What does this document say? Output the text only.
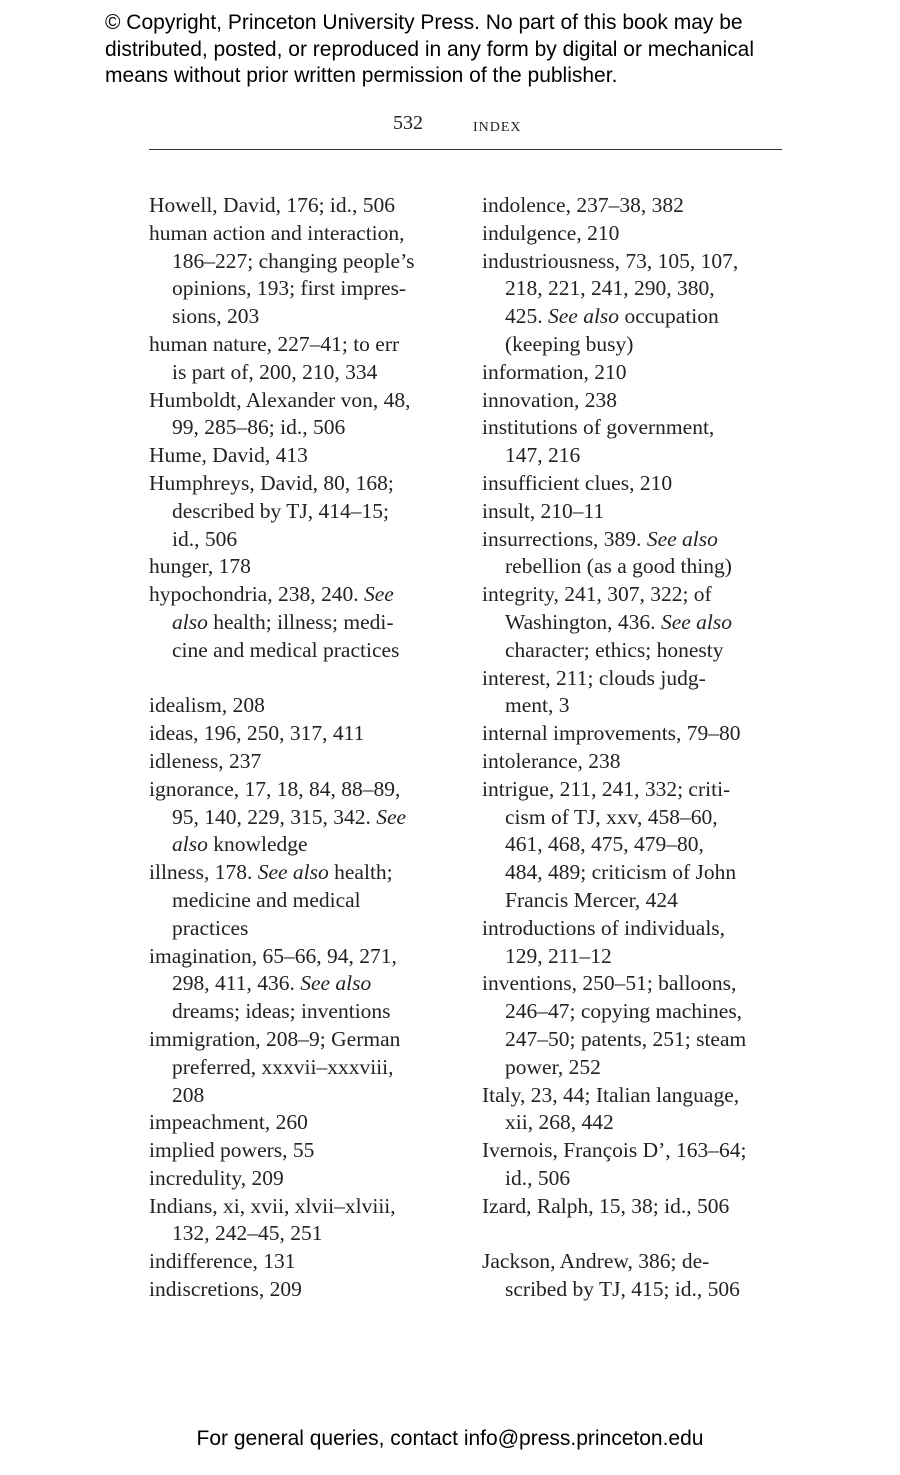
© Copyright, Princeton University Press. No part of this book may be
distributed, posted, or reproduced in any form by digital or mechanical
means without prior written permission of the publisher.
532	index
Howell, David, 176; id., 506
human action and interaction,
186–227; changing people’s
opinions, 193; first impres-
sions, 203
human nature, 227–41; to err
is part of, 200, 210, 334
Humboldt, Alexander von, 48,
99, 285–86; id., 506
Hume, David, 413
Humphreys, David, 80, 168;
described by TJ, 414–15;
id., 506
hunger, 178
hypochondria, 238, 240. See
also health; illness; medi-
cine and medical practices
idealism, 208
ideas, 196, 250, 317, 411
idleness, 237
ignorance, 17, 18, 84, 88–89,
95, 140, 229, 315, 342. See
also knowledge
illness, 178. See also health;
medicine and medical
practices
imagination, 65–66, 94, 271,
298, 411, 436. See also
dreams; ideas; inventions
immigration, 208–9; German
preferred, xxxvii–xxxviii,
208
impeachment, 260
implied powers, 55
incredulity, 209
Indians, xi, xvii, xlvii–xlviii,
132, 242–45, 251
indifference, 131
indiscretions, 209
indolence, 237–38, 382
indulgence, 210
industriousness, 73, 105, 107,
218, 221, 241, 290, 380,
425. See also occupation
(keeping busy)
information, 210
innovation, 238
institutions of government,
147, 216
insufficient clues, 210
insult, 210–11
insurrections, 389. See also
rebellion (as a good thing)
integrity, 241, 307, 322; of
Washington, 436. See also
character; ethics; honesty
interest, 211; clouds judg-
ment, 3
internal improvements, 79–80
intolerance, 238
intrigue, 211, 241, 332; criti-
cism of TJ, xxv, 458–60,
461, 468, 475, 479–80,
484, 489; criticism of John
Francis Mercer, 424
introductions of individuals,
129, 211–12
inventions, 250–51; balloons,
246–47; copying machines,
247–50; patents, 251; steam
power, 252
Italy, 23, 44; Italian language,
xii, 268, 442
Ivernois, François D’, 163–64;
id., 506
Izard, Ralph, 15, 38; id., 506
Jackson, Andrew, 386; de-
scribed by TJ, 415; id., 506
For general queries, contact info@press.princeton.edu
